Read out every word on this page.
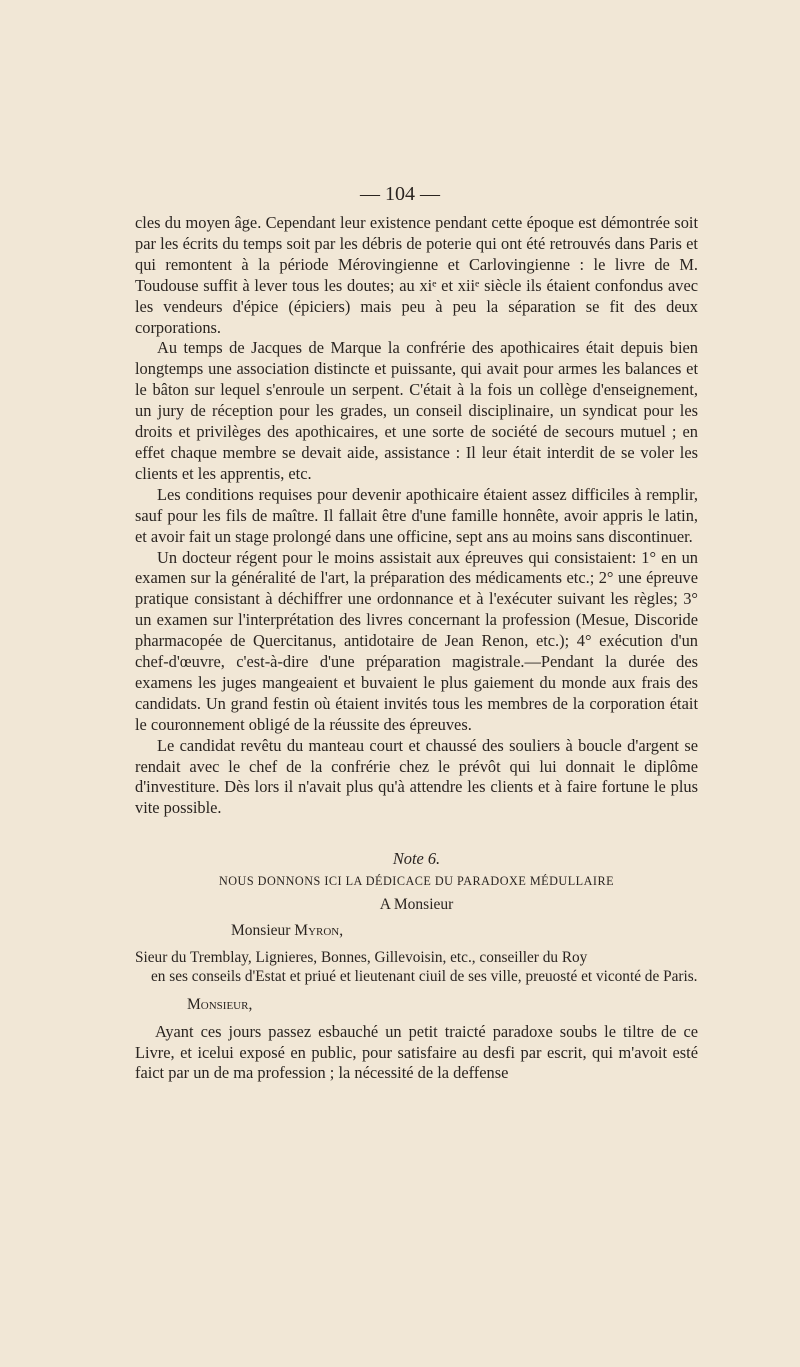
— 104 —

cles du moyen âge. Cependant leur existence pendant cette époque est démontrée soit par les écrits du temps soit par les débris de poterie qui ont été retrouvés dans Paris et qui remontent à la période Mérovingienne et Carlovingienne : le livre de M. Toudouse suffit à lever tous les doutes; au xiᵉ et xiiᵉ siècle ils étaient confondus avec les vendeurs d'épice (épiciers) mais peu à peu la séparation se fit des deux corporations.

Au temps de Jacques de Marque la confrérie des apothicaires était depuis bien longtemps une association distincte et puissante, qui avait pour armes les balances et le bâton sur lequel s'enroule un serpent. C'était à la fois un collège d'enseignement, un jury de réception pour les grades, un conseil disciplinaire, un syndicat pour les droits et privilèges des apothicaires, et une sorte de société de secours mutuel ; en effet chaque membre se devait aide, assistance : Il leur était interdit de se voler les clients et les apprentis, etc.

Les conditions requises pour devenir apothicaire étaient assez difficiles à remplir, sauf pour les fils de maître. Il fallait être d'une famille honnête, avoir appris le latin, et avoir fait un stage prolongé dans une officine, sept ans au moins sans discontinuer.

Un docteur régent pour le moins assistait aux épreuves qui consistaient: 1° en un examen sur la généralité de l'art, la préparation des médicaments etc.; 2° une épreuve pratique consistant à déchiffrer une ordonnance et à l'exécuter suivant les règles; 3° un examen sur l'interprétation des livres concernant la profession (Mesue, Discoride pharmacopée de Quercitanus, antidotaire de Jean Renon, etc.); 4° exécution d'un chef-d'œuvre, c'est-à-dire d'une préparation magistrale.—Pendant la durée des examens les juges mangeaient et buvaient le plus gaiement du monde aux frais des candidats. Un grand festin où étaient invités tous les membres de la corporation était le couronnement obligé de la réussite des épreuves.

Le candidat revêtu du manteau court et chaussé des souliers à boucle d'argent se rendait avec le chef de la confrérie chez le prévôt qui lui donnait le diplôme d'investiture. Dès lors il n'avait plus qu'à attendre les clients et à faire fortune le plus vite possible.

Note 6.
NOUS DONNONS ICI LA DÉDICACE DU PARADOXE MÉDULLAIRE
A Monsieur
Monsieur Myron,
Sieur du Tremblay, Lignieres, Bonnes, Gillevoisin, etc., conseiller du Roy
en ses conseils d'Estat et priué et lieutenant ciuil de ses ville, preuosté et viconté de Paris.
Monsieur,
Ayant ces jours passez esbauché un petit traicté paradoxe soubs le tiltre de ce Livre, et icelui exposé en public, pour satisfaire au desfi par escrit, qui m'avoit esté faict par un de ma profession ; la nécessité de la deffense
